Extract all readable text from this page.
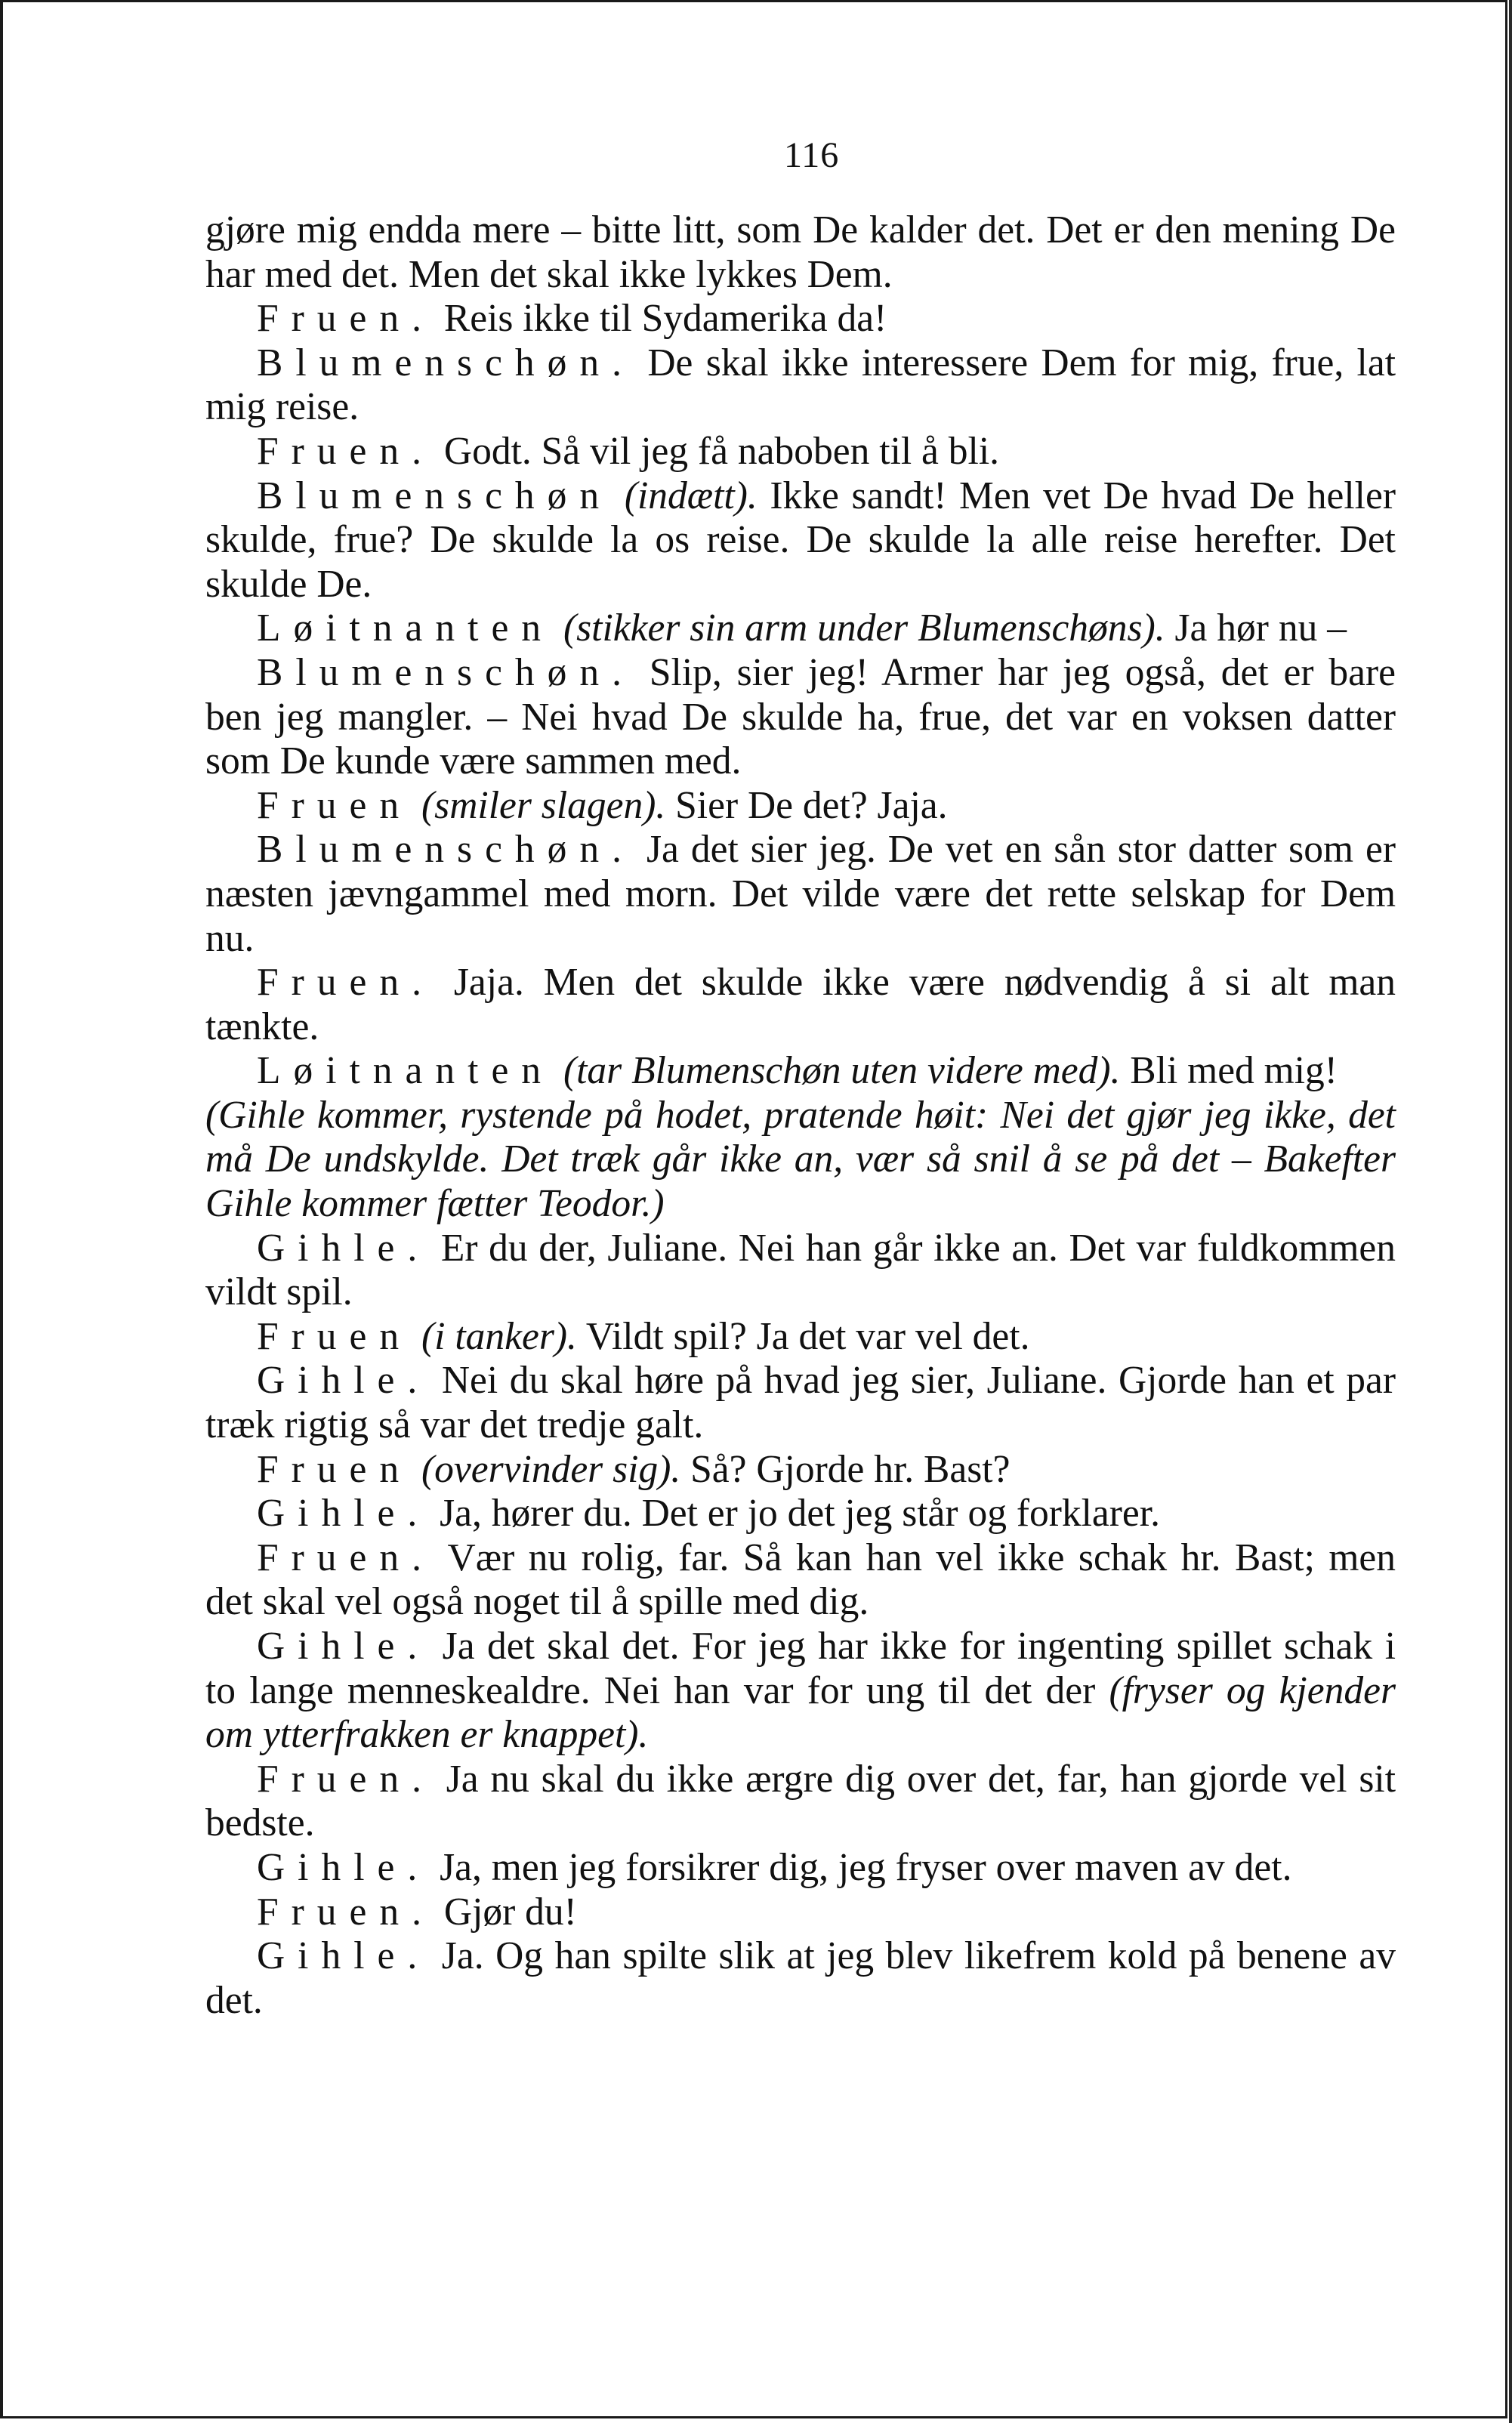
116

gjøre mig endda mere – bitte litt, som De kalder det. Det er den mening De har med det. Men det skal ikke lykkes Dem.

Fruen. Reis ikke til Sydamerika da!

Blumenschøn. De skal ikke interessere Dem for mig, frue, lat mig reise.

Fruen. Godt. Så vil jeg få naboben til å bli.

Blumenschøn (indætt). Ikke sandt! Men vet De hvad De heller skulde, frue? De skulde la os reise. De skulde la alle reise herefter. Det skulde De.

Løitnanten (stikker sin arm under Blumenschøns). Ja hør nu –

Blumenschøn. Slip, sier jeg! Armer har jeg også, det er bare ben jeg mangler. – Nei hvad De skulde ha, frue, det var en voksen datter som De kunde være sammen med.

Fruen (smiler slagen). Sier De det? Jaja.

Blumenschøn. Ja det sier jeg. De vet en sån stor datter som er næsten jævngammel med morn. Det vilde være det rette selskap for Dem nu.

Fruen. Jaja. Men det skulde ikke være nødvendig å si alt man tænkte.

Løitnanten (tar Blumenschøn uten videre med). Bli med mig!

(Gihle kommer, rystende på hodet, pratende høit: Nei det gjør jeg ikke, det må De undskylde. Det træk går ikke an, vær så snil å se på det – Bakefter Gihle kommer fætter Teodor.)

Gihle. Er du der, Juliane. Nei han går ikke an. Det var fuldkommen vildt spil.

Fruen (i tanker). Vildt spil? Ja det var vel det.

Gihle. Nei du skal høre på hvad jeg sier, Juliane. Gjorde han et par træk rigtig så var det tredje galt.

Fruen (overvinder sig). Så? Gjorde hr. Bast?

Gihle. Ja, hører du. Det er jo det jeg står og forklarer.

Fruen. Vær nu rolig, far. Så kan han vel ikke schak hr. Bast; men det skal vel også noget til å spille med dig.

Gihle. Ja det skal det. For jeg har ikke for ingenting spillet schak i to lange menneskealdre. Nei han var for ung til det der (fryser og kjender om ytterfrakken er knappet).

Fruen. Ja nu skal du ikke ærgre dig over det, far, han gjorde vel sit bedste.

Gihle. Ja, men jeg forsikrer dig, jeg fryser over maven av det.

Fruen. Gjør du!

Gihle. Ja. Og han spilte slik at jeg blev likefrem kold på benene av det.
